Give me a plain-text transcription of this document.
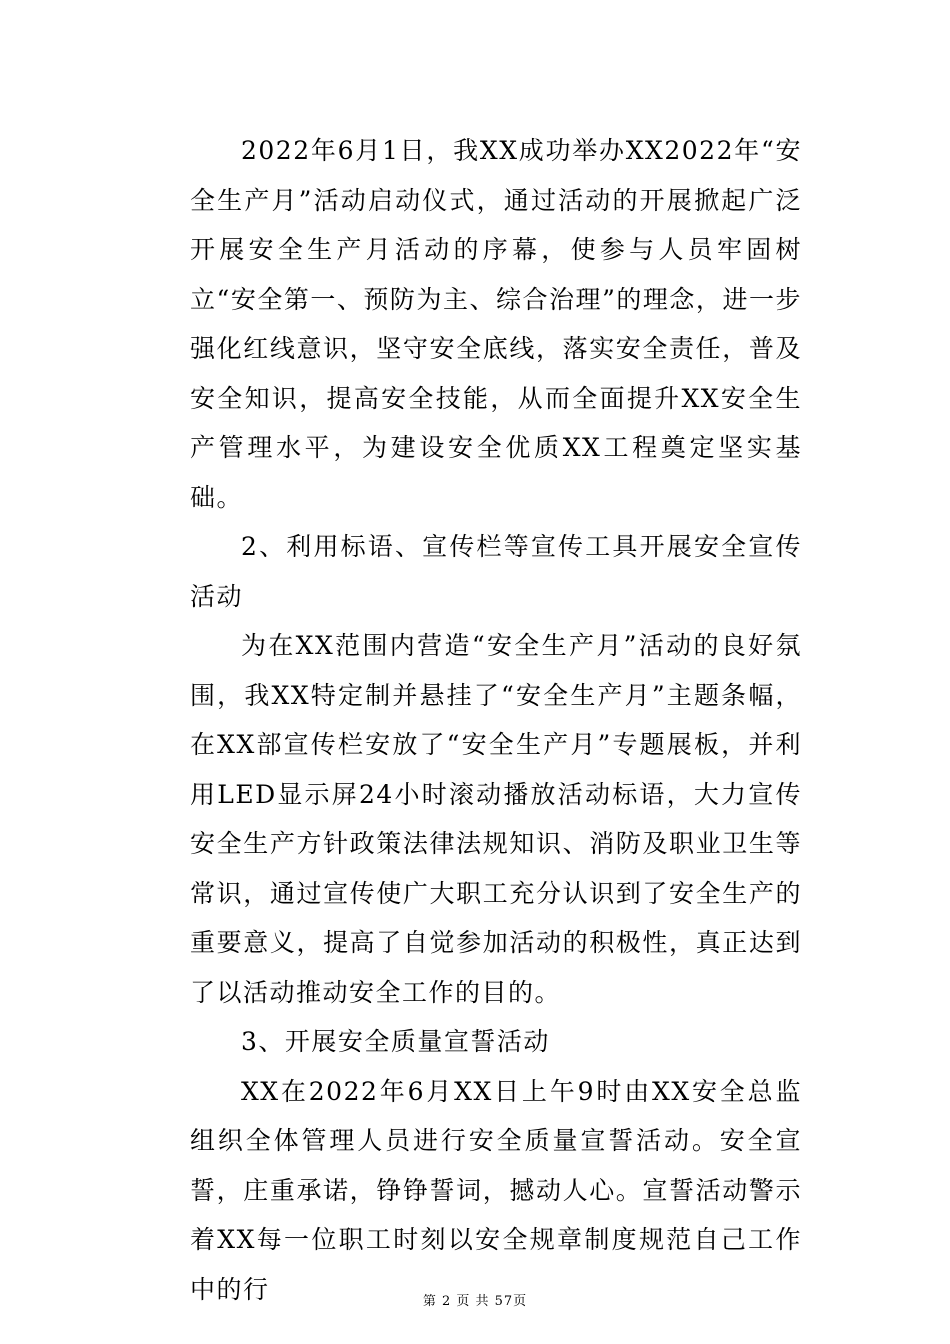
2022年6月1日，我XX成功举办XX2022年“安全生产月”活动启动仪式，通过活动的开展掀起广泛开展安全生产月活动的序幕，使参与人员牢固树立“安全第一、预防为主、综合治理”的理念，进一步强化红线意识，坚守安全底线，落实安全责任，普及安全知识，提高安全技能，从而全面提升XX安全生产管理水平，为建设安全优质XX工程奠定坚实基础。

2、利用标语、宣传栏等宣传工具开展安全宣传活动

为在XX范围内营造“安全生产月”活动的良好氛围，我XX特定制并悬挂了“安全生产月”主题条幅，在XX部宣传栏安放了“安全生产月”专题展板，并利用LED显示屏24小时滚动播放活动标语，大力宣传安全生产方针政策法律法规知识、消防及职业卫生等常识，通过宣传使广大职工充分认识到了安全生产的重要意义，提高了自觉参加活动的积极性，真正达到了以活动推动安全工作的目的。

3、开展安全质量宣誓活动

XX在2022年6月XX日上午9时由XX安全总监组织全体管理人员进行安全质量宣誓活动。安全宣誓，庄重承诺，铮铮誓词，撼动人心。宣誓活动警示着XX每一位职工时刻以安全规章制度规范自己工作中的行	第 2 页 共 57页
